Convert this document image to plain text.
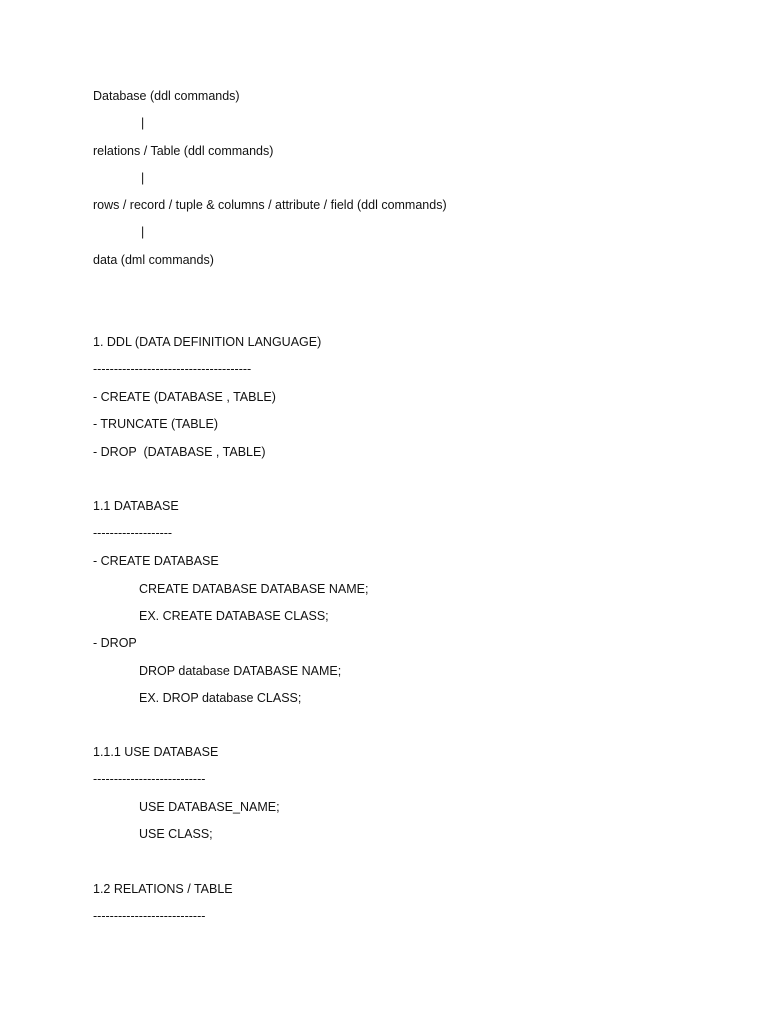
Database (ddl commands)
|
relations / Table (ddl commands)
|
rows / record / tuple & columns / attribute / field (ddl commands)
|
data (dml commands)
1. DDL (DATA DEFINITION LANGUAGE)
--------------------------------------
- CREATE (DATABASE , TABLE)
- TRUNCATE (TABLE)
- DROP  (DATABASE , TABLE)
1.1 DATABASE
-------------------
- CREATE DATABASE
CREATE DATABASE DATABASE NAME;
EX. CREATE DATABASE CLASS;
- DROP
DROP database DATABASE NAME;
EX. DROP database CLASS;
1.1.1 USE DATABASE
---------------------------
USE DATABASE_NAME;
USE CLASS;
1.2 RELATIONS / TABLE
---------------------------
